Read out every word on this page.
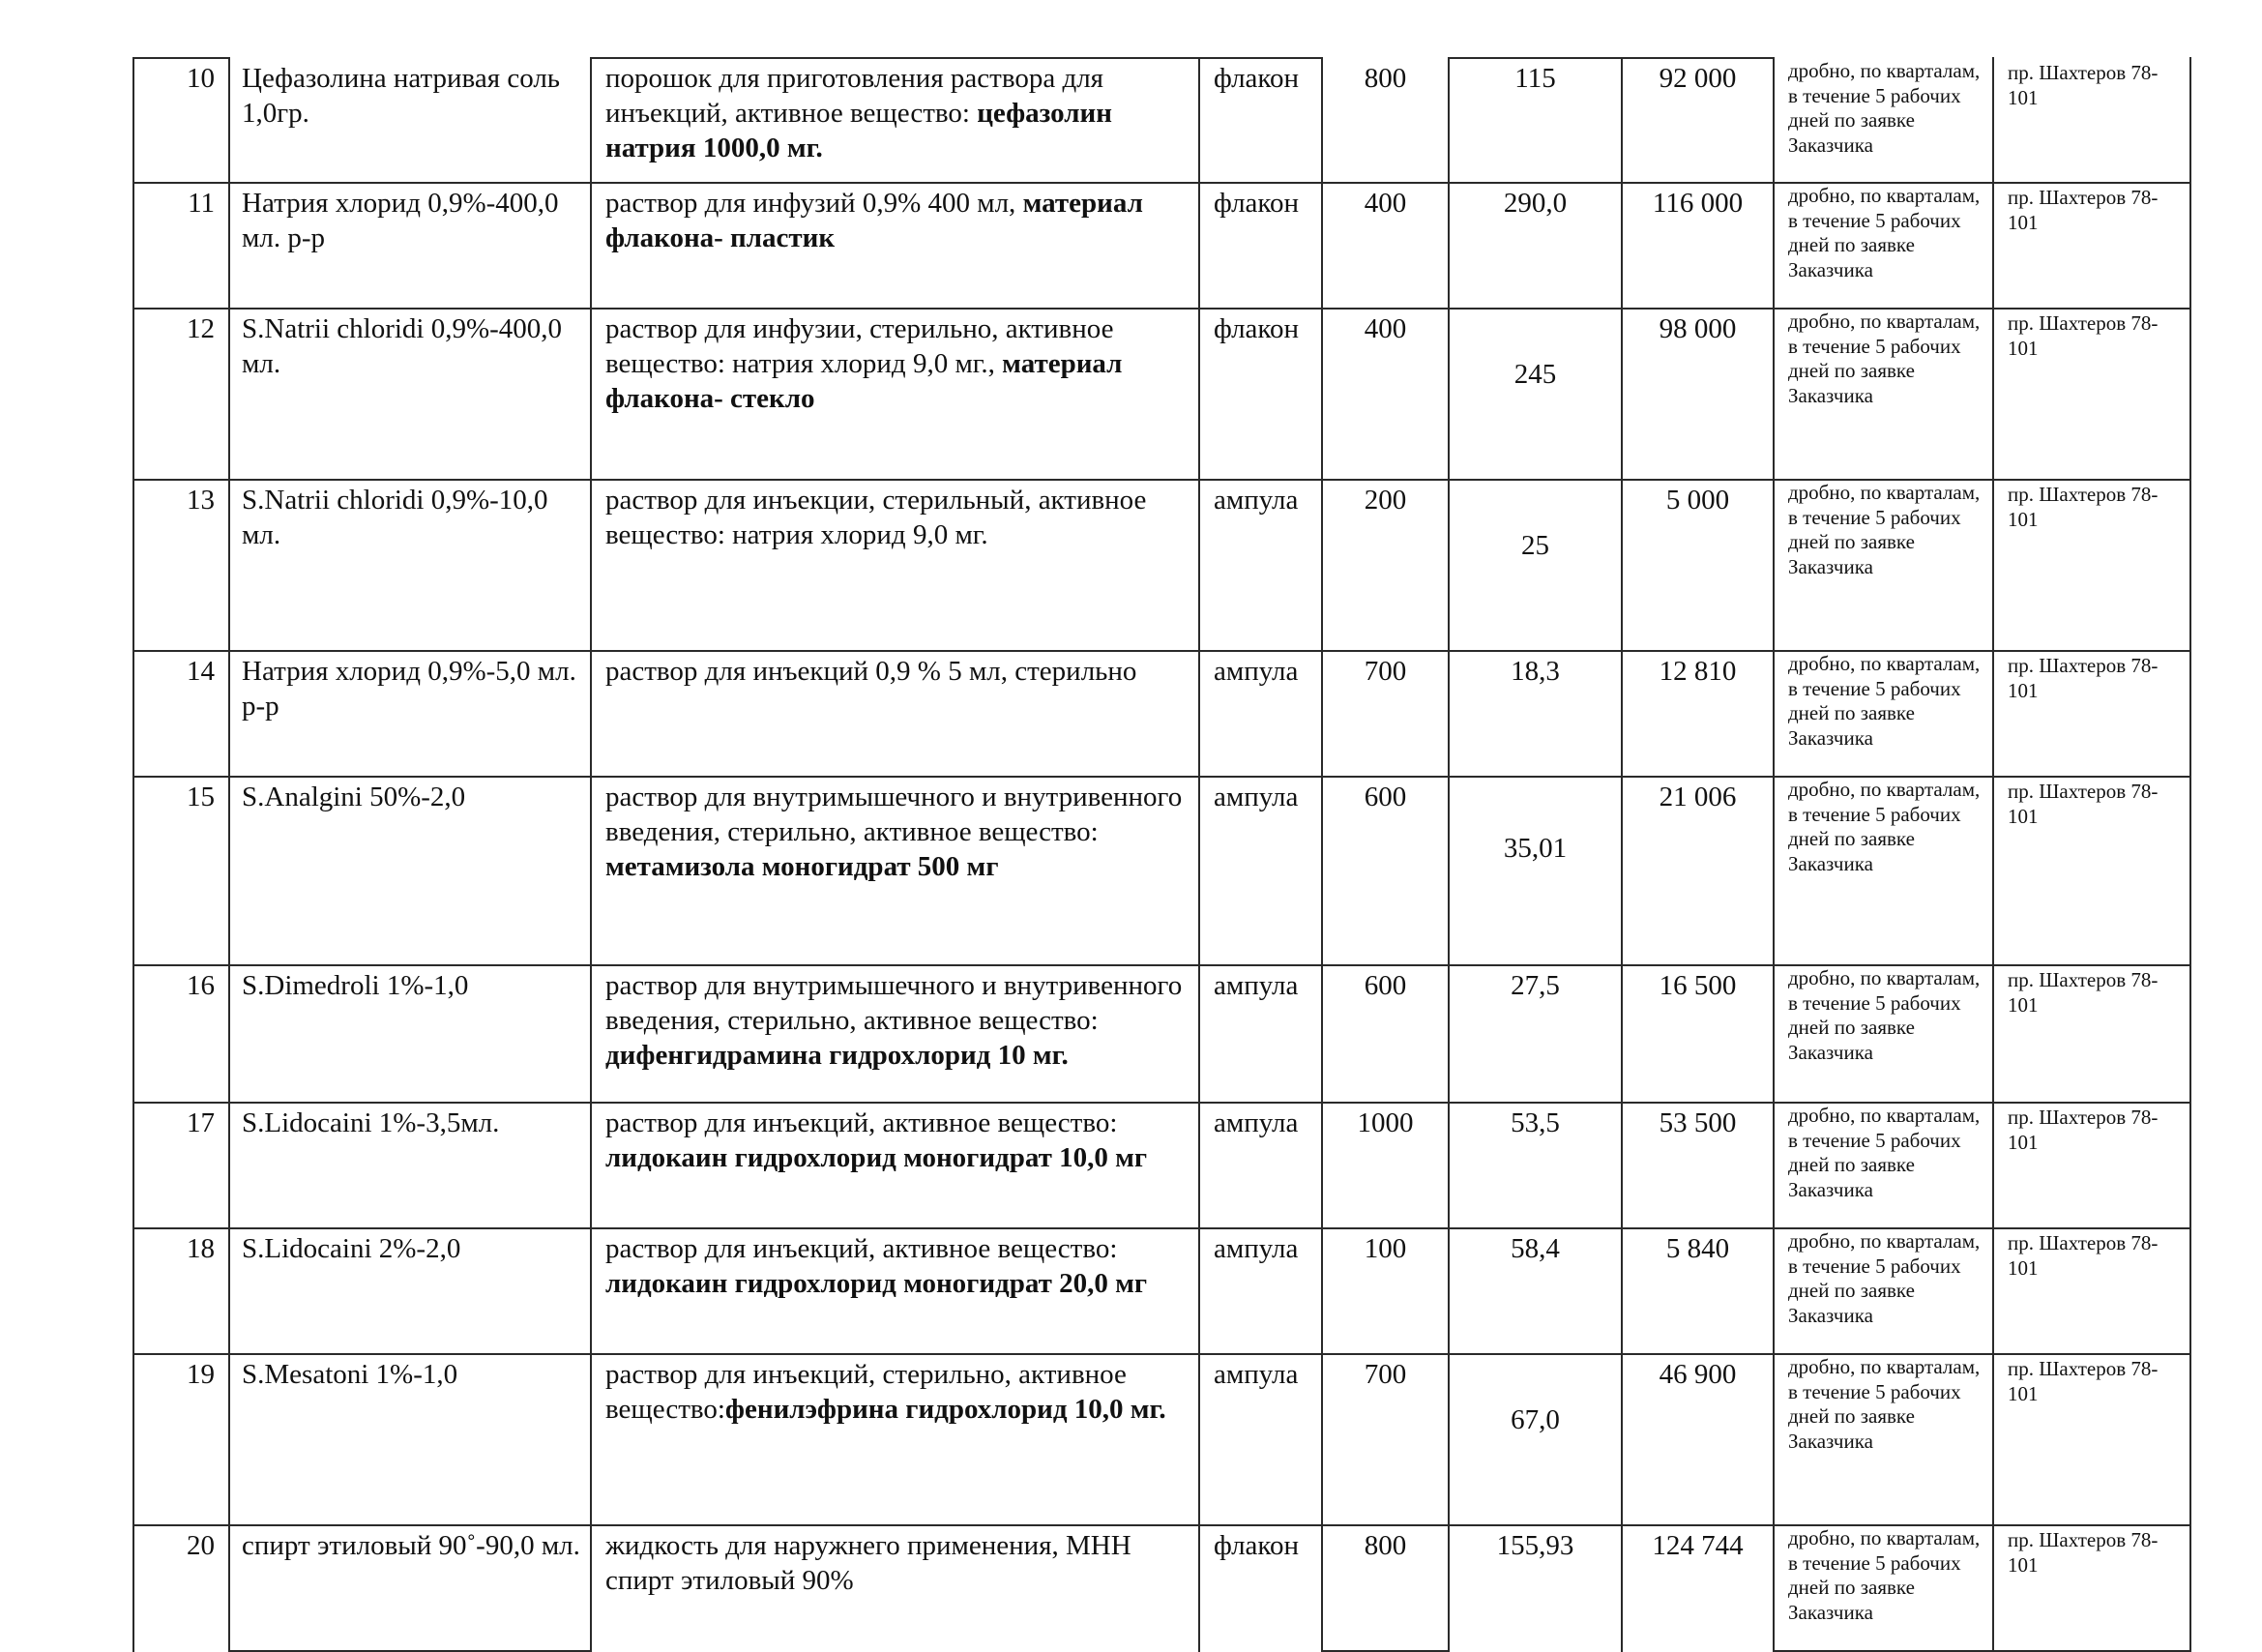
10	Цефазолина натривая соль 1,0гр.	порошок для приготовления раствора для инъекций, активное вещество: цефазолин натрия 1000,0 мг.	флакон	800	115	92 000	дробно, по кварталам, в течение 5 рабочих дней по заявке Заказчика	пр. Шахтеров 78-101
11	Натрия хлорид 0,9%-400,0 мл. р-р	раствор для инфузий 0,9% 400 мл, материал флакона- пластик	флакон	400	290,0	116 000	дробно, по кварталам, в течение 5 рабочих дней по заявке Заказчика	пр. Шахтеров 78-101
12	S.Natrii chloridi 0,9%-400,0 мл.	раствор для инфузии, стерильно, активное вещество: натрия хлорид 9,0 мг., материал флакона- стекло	флакон	400	245	98 000	дробно, по кварталам, в течение 5 рабочих дней по заявке Заказчика	пр. Шахтеров 78-101
13	S.Natrii chloridi 0,9%-10,0 мл.	раствор для инъекции, стерильный, активное вещество: натрия хлорид 9,0 мг.	ампула	200	25	5 000	дробно, по кварталам, в течение 5 рабочих дней по заявке Заказчика	пр. Шахтеров 78-101
14	Натрия хлорид 0,9%-5,0 мл. р-р	раствор для инъекций 0,9 % 5 мл, стерильно	ампула	700	18,3	12 810	дробно, по кварталам, в течение 5 рабочих дней по заявке Заказчика	пр. Шахтеров 78-101
15	S.Analgini 50%-2,0	раствор для внутримышечного и внутривенного введения, стерильно, активное вещество: метамизола моногидрат 500 мг	ампула	600	35,01	21 006	дробно, по кварталам, в течение 5 рабочих дней по заявке Заказчика	пр. Шахтеров 78-101
16	S.Dimedroli 1%-1,0	раствор для внутримышечного и внутривенного введения, стерильно, активное вещество: дифенгидрамина гидрохлорид 10 мг.	ампула	600	27,5	16 500	дробно, по кварталам, в течение 5 рабочих дней по заявке Заказчика	пр. Шахтеров 78-101
17	S.Lidocaini 1%-3,5мл.	раствор для инъекций, активное вещество: лидокаин гидрохлорид моногидрат 10,0 мг	ампула	1000	53,5	53 500	дробно, по кварталам, в течение 5 рабочих дней по заявке Заказчика	пр. Шахтеров 78-101
18	S.Lidocaini 2%-2,0	раствор для инъекций, активное вещество: лидокаин гидрохлорид моногидрат 20,0 мг	ампула	100	58,4	5 840	дробно, по кварталам, в течение 5 рабочих дней по заявке Заказчика	пр. Шахтеров 78-101
19	S.Mesatoni 1%-1,0	раствор для инъекций, стерильно, активное вещество:фенилэфрина гидрохлорид 10,0 мг.	ампула	700	67,0	46 900	дробно, по кварталам, в течение 5 рабочих дней по заявке Заказчика	пр. Шахтеров 78-101
20	спирт этиловый 90˚-90,0 мл.	жидкость для наружнего применения, МНН спирт этиловый 90%	флакон	800	155,93	124 744	дробно, по кварталам, в течение 5 рабочих дней по заявке Заказчика	пр. Шахтеров 78-101
